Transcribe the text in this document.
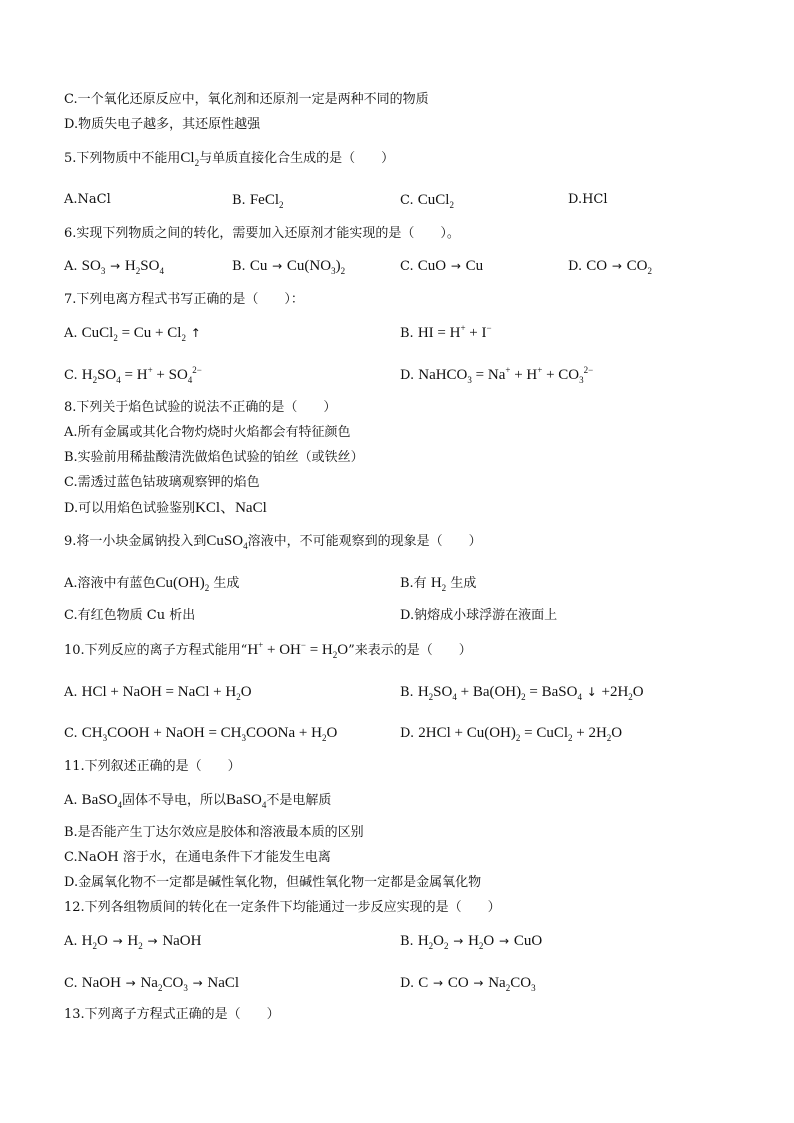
C.一个氧化还原反应中，氧化剂和还原剂一定是两种不同的物质
D.物质失电子越多，其还原性越强
5.下列物质中不能用$Cl_2$与单质直接化合生成的是（　　）
A.NaCl	B. FeCl$_2$	C. CuCl$_2$	D.HCl
6.实现下列物质之间的转化，需要加入还原剂才能实现的是（　　）。
A. $SO_3 \to H_2SO_4$	B. $Cu \to Cu(NO_3)_2$	C. CuO → Cu	D. CO → $CO_2$
7.下列电离方程式书写正确的是（　　）：
A. CuCl$_2$ = $Cu + Cl_2$ ↑	B. HI = H+ + I−
C. $H_2SO_4 = H^+ + SO_4^{2-}$	D. NaHCO$_3$ = $Na^+ + H^+ + CO_3^{2-}$
8.下列关于焰色试验的说法不正确的是（　　）
A.所有金属或其化合物灼烧时火焰都会有特征颜色
B.实验前用稀盐酸清洗做焰色试验的铂丝（或铁丝）
C.需透过蓝色钴玻璃观察钾的焰色
D.可以用焰色试验鉴别KCl、NaCl
9.将一小块金属钠投入到CuSO$_4$溶液中，不可能观察到的现象是（　　）
A.溶液中有蓝色$Cu(OH)_2$ 生成	B.有 $H_2$ 生成
C.有红色物质 Cu 析出	D.钠熔成小球浮游在液面上
10.下列反应的离子方程式能用“$H^+ + OH^- = H_2O$”来表示的是（　　）
A. HCl + NaOH = NaCl + $H_2O$	B. $H_2SO_4 + Ba(OH)_2$ = BaSO$_4$ ↓ $+2H_2O$
C. $CH_3COOH$ + NaOH = $CH_3COONa + H_2O$	D. $2HCl + Cu(OH)_2$ = CuCl$_2$ + $2H_2O$
11.下列叙述正确的是（　　）
A. BaSO$_4$固体不导电，所以BaSO$_4$不是电解质
B.是否能产生丁达尔效应是胶体和溶液最本质的区别
C.NaOH 溶于水，在通电条件下才能发生电离
D.金属氧化物不一定都是碱性氧化物，但碱性氧化物一定都是金属氧化物
12.下列各组物质间的转化在一定条件下均能通过一步反应实现的是（　　）
A. $H_2O \to H_2$ → NaOH	B. $H_2O_2 \to H_2O$ → CuO
C. NaOH → $Na_2CO_3$ → NaCl	D. C → CO → $Na_2CO_3$
13.下列离子方程式正确的是（　　）
